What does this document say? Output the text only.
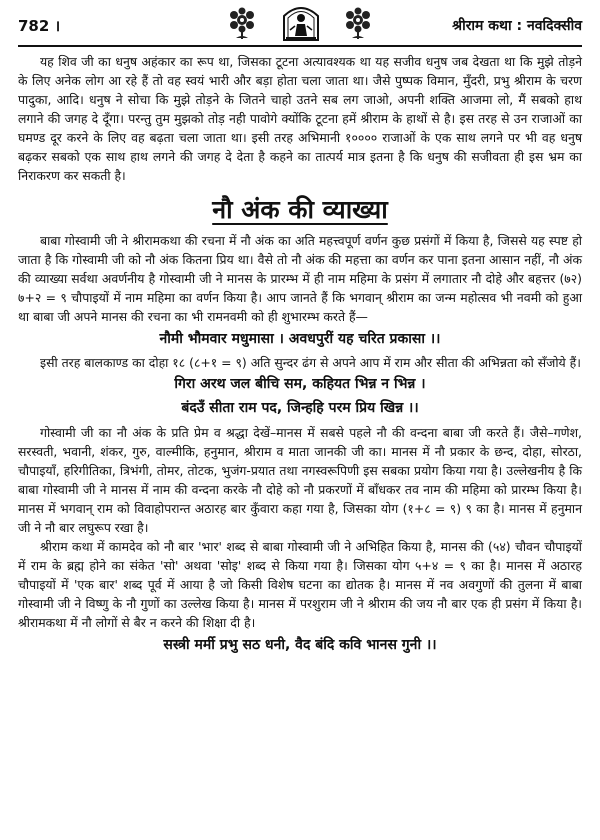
782 ।	श्रीराम कथा : नवदिक्सीव

यह शिव जी का धनुष अहंकार का रूप था, जिसका टूटना अत्यावश्यक था यह सजीव धनुष जब देखता था कि मुझे तोड़ने के लिए अनेक लोग आ रहे हैं तो वह स्वयं भारी और बड़ा होता चला जाता था। जैसे पुष्पक विमान, मुँदरी, प्रभु श्रीराम के चरण पादुका, आदि। धनुष ने सोचा कि मुझे तोड़ने के जितने चाहो उतने सब लग जाओ, अपनी शक्ति आजमा लो, मैं सबको हाथ लगाने की जगह दे दूँगा। परन्तु तुम मुझको तोड़ नही पावोगे क्योंकि टूटना हमें श्रीराम के हाथों से है। इस तरह से उन राजाओं का घमण्ड दूर करने के लिए वह बढ़ता चला जाता था। इसी तरह अभिमानी १०००० राजाओं के एक साथ लगने पर भी वह धनुष बढ़कर सबको एक साथ हाथ लगने की जगह दे देता है कहने का तात्पर्य मात्र इतना है कि धनुष की सजीवता ही इस भ्रम का निराकरण कर सकती है।

नौ अंक की व्याख्या

बाबा गोस्वामी जी ने श्रीरामकथा की रचना में नौ अंक का अति महत्त्वपूर्ण वर्णन कुछ प्रसंगों में किया है, जिससे यह स्पष्ट हो जाता है कि गोस्वामी जी को नौ अंक कितना प्रिय था। वैसे तो नौ अंक की महत्ता का वर्णन कर पाना इतना आसान नहीं, नौ अंक की व्याख्या सर्वथा अवर्णनीय है गोस्वामी जी ने मानस के प्रारम्भ में ही नाम महिमा के प्रसंग में लगातार नौ दोहे और बहत्तर (७२) ७+२ = ९ चौपाइयों में नाम महिमा का वर्णन किया है। आप जानते हैं कि भगवान् श्रीराम का जन्म महोत्सव भी नवमी को हुआ था बाबा जी अपने मानस की रचना का भी रामनवमी को ही शुभारम्भ करते हैं—

नौमी भौमवार मधुमासा । अवधपुरीं यह चरित प्रकासा ।।

इसी तरह बालकाण्ड का दोहा १८ (८+१ = ९) अति सुन्दर ढंग से अपने आप में राम और सीता की अभिन्नता को सँजोये हैं।

गिरा अरथ जल बीचि सम, कहियत भिन्न न भिन्न ।
बंदउँ सीता राम पद, जिन्हहि परम प्रिय खिन्न ।।

गोस्वामी जी का नौ अंक के प्रति प्रेम व श्रद्धा देखें–मानस में सबसे पहले नौ की वन्दना बाबा जी करते हैं। जैसे–गणेश, सरस्वती, भवानी, शंकर, गुरु, वाल्मीकि, हनुमान, श्रीराम व माता जानकी जी का। मानस में नौ प्रकार के छन्द, दोहा, सोरठा, चौपाइयाँ, हरिगीतिका, त्रिभंगी, तोमर, तोटक, भुजंग-प्रयात तथा नगस्वरूपिणी इस सबका प्रयोग किया गया है। उल्लेखनीय है कि बाबा गोस्वामी जी ने मानस में नाम की वन्दना करके नौ दोहे को नौ प्रकरणों में बाँधकर तव नाम की महिमा को प्रारम्भ किया है। मानस में भगवान् राम को विवाहोपरान्त अठारह बार कुँवारा कहा गया है, जिसका योग (१+८ = ९) ९ का है। मानस में हनुमान जी ने नौ बार लघुरूप रखा है।

श्रीराम कथा में कामदेव को नौ बार 'भार' शब्द से बाबा गोस्वामी जी ने अभिहित किया है, मानस की (५४) चौवन चौपाइयों में राम के ब्रह्म होने का संकेत 'सो' अथवा 'सोइ' शब्द से किया गया है। जिसका योग ५+४ = ९ का है। मानस में अठारह चौपाइयों में 'एक बार' शब्द पूर्व में आया है जो किसी विशेष घटना का द्योतक है। मानस में नव अवगुणों की तुलना में बाबा गोस्वामी जी ने विष्णु के नौ गुणों का उल्लेख किया है। मानस में परशुराम जी ने श्रीराम की जय नौ बार एक ही प्रसंग में किया है। श्रीरामकथा में नौ लोगों से बैर न करने की शिक्षा दी है।

सस्त्री मर्मी प्रभु सठ धनी, वैद बंदि कवि भानस गुनी ।।
